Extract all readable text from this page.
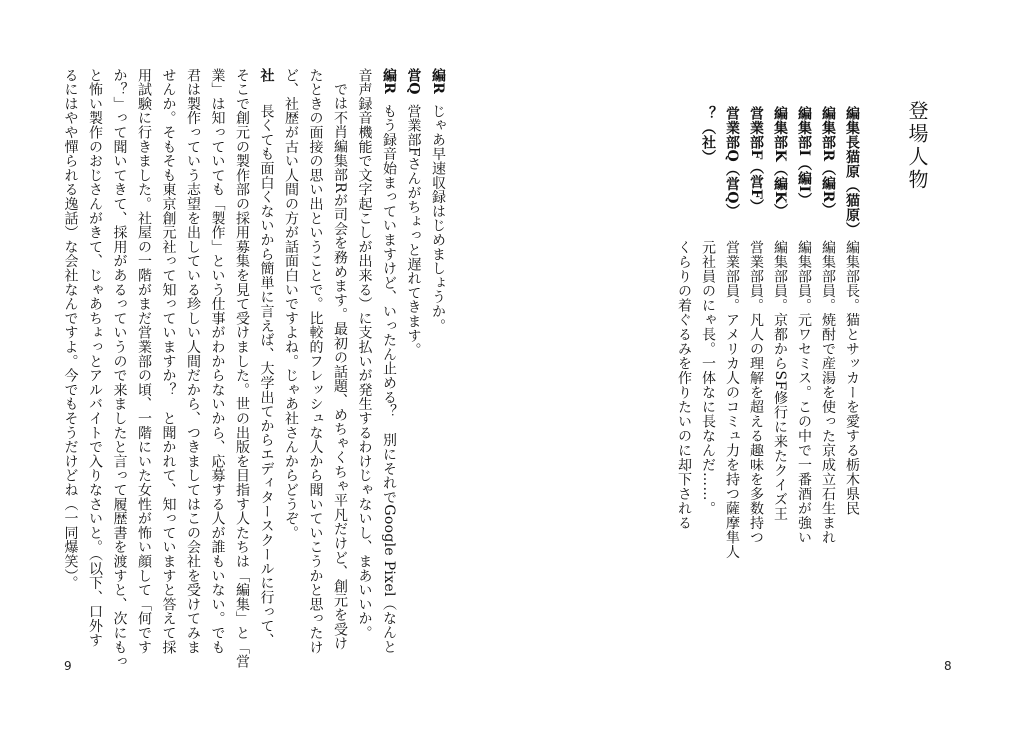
登場人物
編集長猫原（猫原）
編集部長。猫とサッカーを愛する栃木県民
編集部R（編R）
編集部員。焼酎で産湯を使った京成立石生まれ
編集部I（編I）
編集部員。元ワセミス。この中で一番酒が強い
編集部K（編K）
編集部員。京都からSF修行に来たクイズ王
営業部F（営F）
営業部員。凡人の理解を超える趣味を多数持つ
営業部Q（営Q）
営業部員。アメリカ人のコミュ力を持つ薩摩隼人
？（社）
元社員のにゃ長。一体なに長なんだ……。
くらりの着ぐるみを作りたいのに却下される
8
編R
じゃあ早速収録はじめましょうか。
営Q
営業部Fさんがちょっと遅れてきます。
編R
もう録音始まっていますけど、いったん止める？　別にそれでGoogle Pixel（なんと
音声録音機能で文字起こしが出来る）に支払いが発生するわけじゃないし、まあいいか。
では不肖編集部Rが司会を務めます。最初の話題、めちゃくちゃ平凡だけど、創元を受け
たときの面接の思い出ということで。比較的フレッシュな人から聞いていこうかと思ったけ
ど、社歴が古い人間の方が話面白いですよね。じゃあ社さんからどうぞ。
社
長くても面白くないから簡単に言えば、大学出てからエディタースクールに行って、
そこで創元の製作部の採用募集を見て受けました。世の出版を目指す人たちは「編集」と「営
業」は知っていても「製作」という仕事がわからないから、応募する人が誰もいない。でも
君は製作っていう志望を出している珍しい人間だから、つきましてはこの会社を受けてみま
せんか。そもそも東京創元社って知っていますか？　と聞かれて、知っていますと答えて採
用試験に行きました。社屋の一階がまだ営業部の頃、一階にいた女性が怖い顔して「何です
か？」って聞いてきて、採用があるっていうので来ましたと言って履歴書を渡すと、次にもっ
と怖い製作のおじさんがきて、じゃあちょっとアルバイトで入りなさいと。（以下、口外す
るにはやや憚られる逸話）な会社なんですよ。今でもそうだけどね（一同爆笑）。
9
